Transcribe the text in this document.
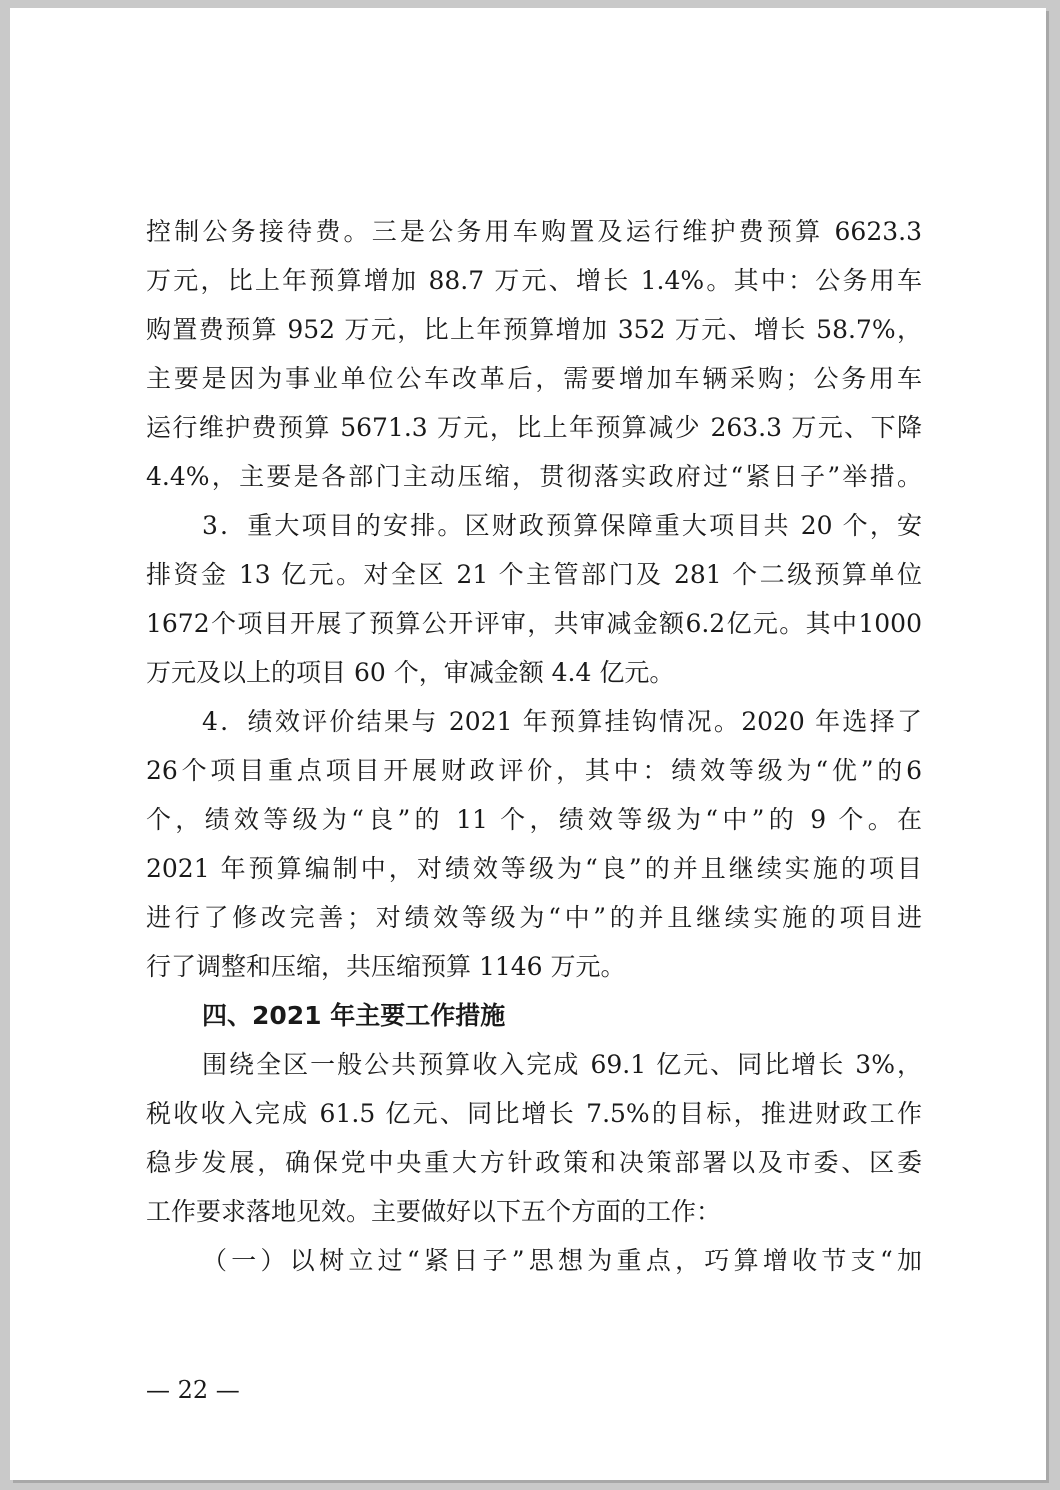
控制公务接待费。三是公务用车购置及运行维护费预算 6623.3
万元，比上年预算增加 88.7 万元、增长 1.4%。其中：公务用车
购置费预算 952 万元，比上年预算增加 352 万元、增长 58.7%，
主要是因为事业单位公车改革后，需要增加车辆采购；公务用车
运行维护费预算 5671.3 万元，比上年预算减少 263.3 万元、下降
4.4%，主要是各部门主动压缩，贯彻落实政府过“紧日子”举措。
3．重大项目的安排。区财政预算保障重大项目共 20 个，安
排资金 13 亿元。对全区 21 个主管部门及 281 个二级预算单位
1672个项目开展了预算公开评审，共审减金额6.2亿元。其中1000
万元及以上的项目 60 个，审减金额 4.4 亿元。
4．绩效评价结果与 2021 年预算挂钩情况。2020 年选择了
26个项目重点项目开展财政评价，其中：绩效等级为“优”的6
个，绩效等级为“良”的 11 个，绩效等级为“中”的 9 个。在
2021 年预算编制中，对绩效等级为“良”的并且继续实施的项目
进行了修改完善；对绩效等级为“中”的并且继续实施的项目进
行了调整和压缩，共压缩预算 1146 万元。
四、2021 年主要工作措施
围绕全区一般公共预算收入完成 69.1 亿元、同比增长 3%，
税收收入完成 61.5 亿元、同比增长 7.5%的目标，推进财政工作
稳步发展，确保党中央重大方针政策和决策部署以及市委、区委
工作要求落地见效。主要做好以下五个方面的工作：
（一）以树立过“紧日子”思想为重点，巧算增收节支“加
— 22 —
